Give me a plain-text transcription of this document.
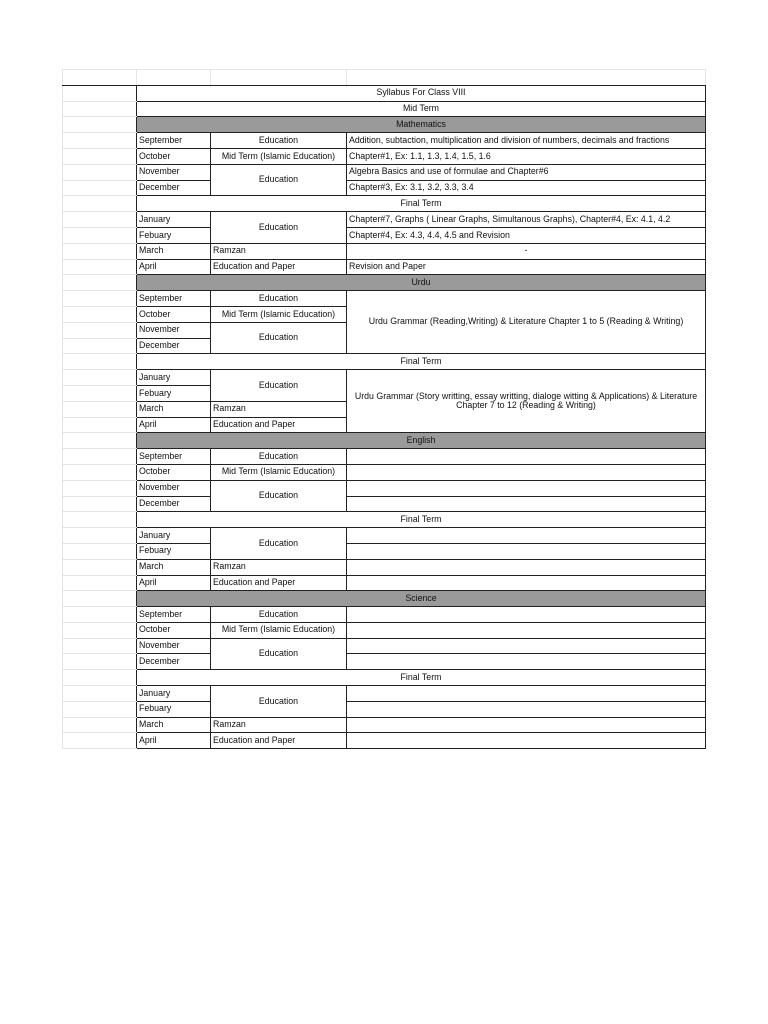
	Syllabus For Class VIII		
	Mid Term		
	Mathematics		
	September	Education	Addition, subtaction, multiplication and division of numbers, decimals and fractions
	October	Mid Term (Islamic Education)	Chapter#1, Ex: 1.1, 1.3, 1.4, 1.5, 1.6
	November	Education	Algebra Basics and use of formulae and Chapter#6
	December		Chapter#3, Ex: 3.1, 3.2, 3.3, 3.4
	Final Term		
	January	Education	Chapter#7, Graphs ( Linear Graphs, Simultanous Graphs), Chapter#4, Ex: 4.1, 4.2
	Febuary		Chapter#4, Ex: 4.3, 4.4, 4.5 and Revision
	March	Ramzan	-
	April	Education and Paper	Revision and Paper
	Urdu		
	September	Education	Urdu Grammar (Reading,Writing) & Literature Chapter 1 to 5 (Reading & Writing)
	October	Mid Term (Islamic Education)	
	November	Education	
	December		
	Final Term		
	January	Education	Urdu Grammar (Story writting, essay writting, dialoge witting & Applications) & Literature Chapter 7 to 12 (Reading & Writing)
	Febuary		
	March	Ramzan	
	April	Education and Paper	
	English		
	September	Education	
	October	Mid Term (Islamic Education)	
	November	Education	
	December		
	Final Term		
	January	Education	
	Febuary		
	March	Ramzan	
	April	Education and Paper	
	Science		
	September	Education	
	October	Mid Term (Islamic Education)	
	November	Education	
	December		
	Final Term		
	January	Education	
	Febuary		
	March	Ramzan	
	April	Education and Paper	
